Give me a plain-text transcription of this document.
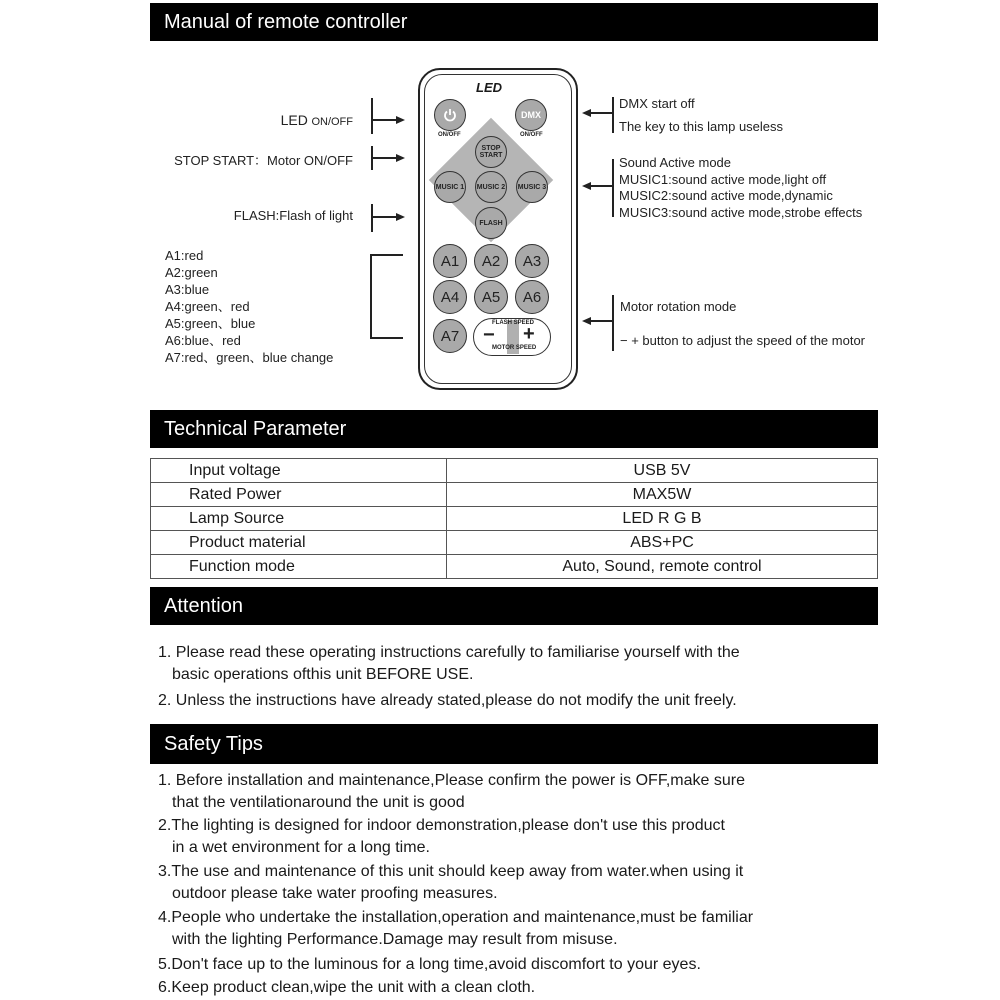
Manual of remote controller
LED ON/OFF
STOP START：Motor ON/OFF
FLASH:Flash of light
A1:red
A2:green
A3:blue
A4:green、red
A5:green、blue
A6:blue、red
A7:red、green、blue change
LED
ON/OFF
DMX
ON/OFF
STOP START
MUSIC 1 MUSIC 2 MUSIC 3
FLASH
A1	A2	A3
A4	A5	A6
A7
FLASH SPEED
MOTOR SPEED
− +
DMX start off
The key to this lamp useless
Sound Active mode
MUSIC1:sound active mode,light off
MUSIC2:sound active mode,dynamic
MUSIC3:sound active mode,strobe effects
Motor rotation mode
− + button to adjust the speed of the motor
Technical Parameter
Input voltage	USB 5V
Rated Power	MAX5W
Lamp Source	LED R G B
Product material	ABS+PC
Function mode	Auto, Sound, remote control
Attention
1. Please read these operating instructions carefully to familiarise yourself with the
basic operations ofthis unit BEFORE USE.
2. Unless the instructions have already stated,please do not modify the unit freely.
Safety Tips
1. Before installation and maintenance,Please confirm the power is OFF,make sure
that the ventilationaround the unit is good
2.The lighting is designed for indoor demonstration,please don't use this product
in a wet environment for a long time.
3.The use and maintenance of this unit should keep away from water.when using it
outdoor please take water proofing measures.
4.People who undertake the installation,operation and maintenance,must be familiar
with the lighting Performance.Damage may result from misuse.
5.Don't face up to the luminous for a long time,avoid discomfort to your eyes.
6.Keep product clean,wipe the unit with a clean cloth.
